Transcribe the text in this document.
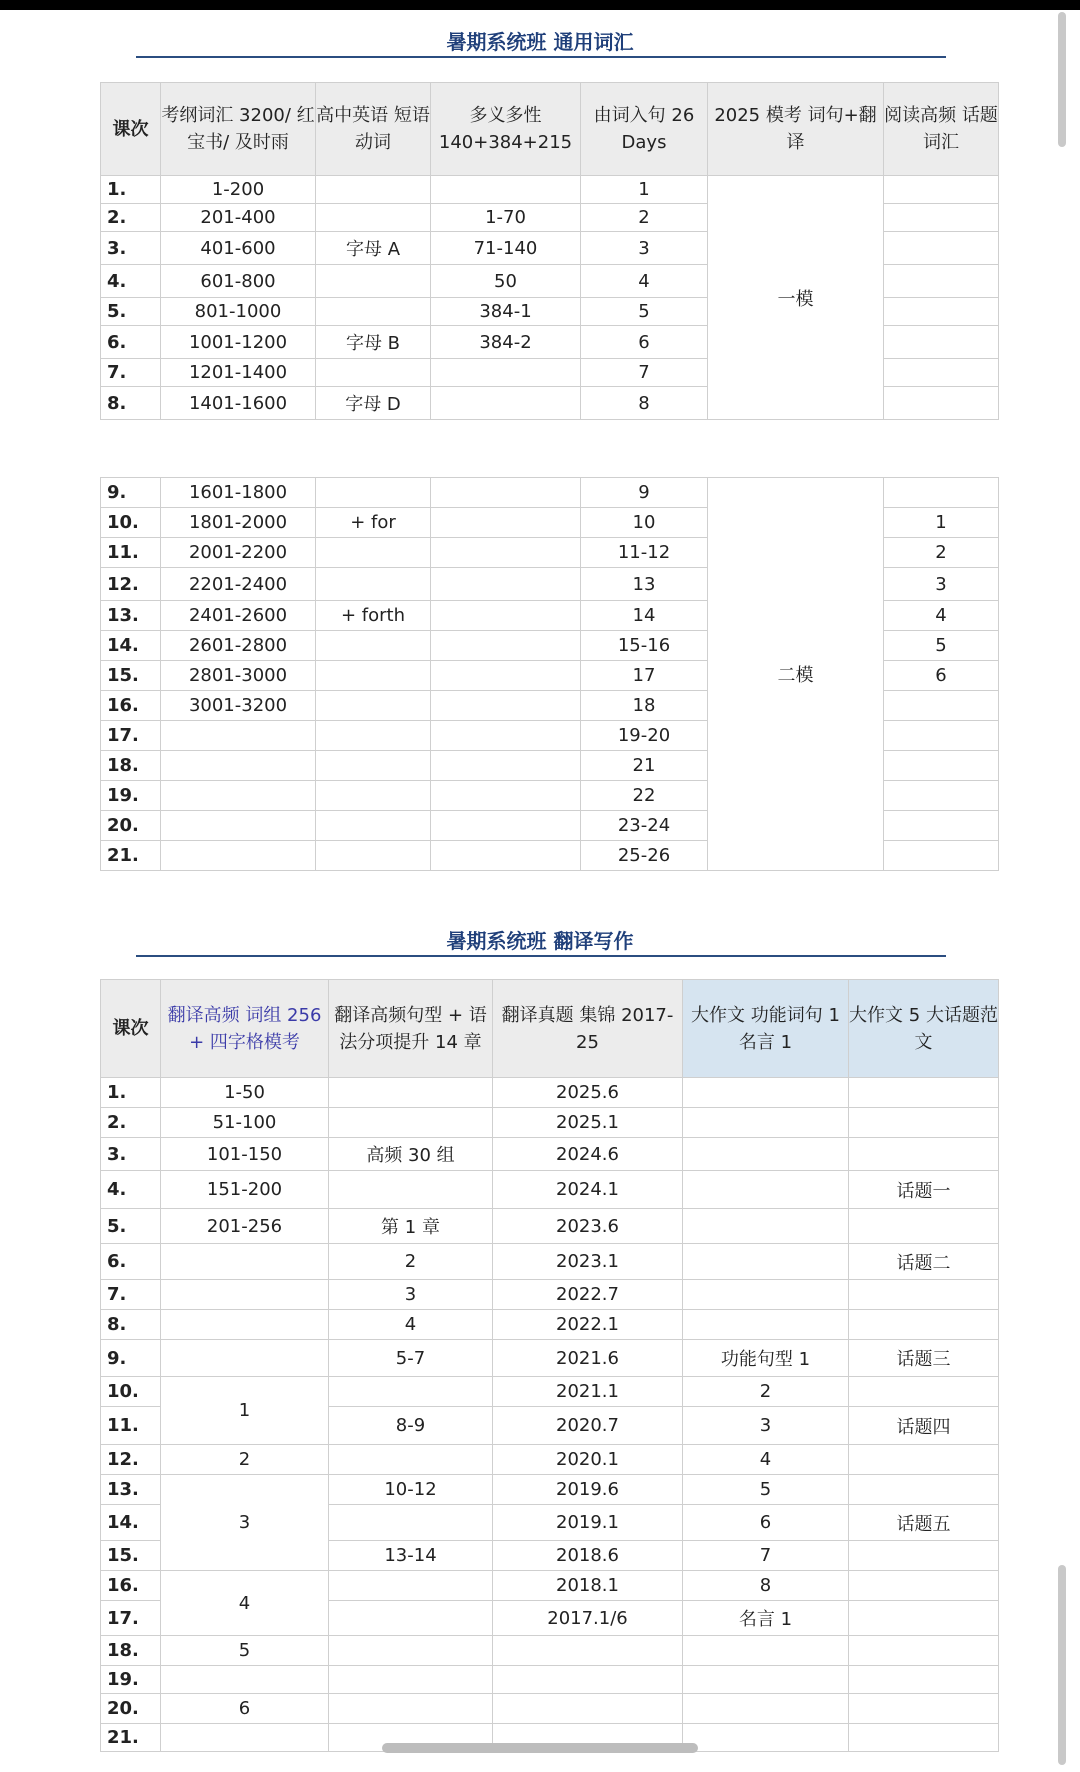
暑期系统班 通用词汇
课次	考纲词汇 3200/ 红宝书/ 及时雨	高中英语 短语动词	多义多性 140+384+215	由词入句 26 Days	2025 模考 词句+翻译	阅读高频 话题词汇
1.	1-200			1	一模	
2.	201-400		1-70	2		
3.	401-600	字母 A	71-140	3		
4.	601-800		50	4		
5.	801-1000		384-1	5		
6.	1001-1200	字母 B	384-2	6		
7.	1201-1400			7		
8.	1401-1600	字母 D		8		
9.	1601-1800			9	二模	
10.	1801-2000	+ for		10		1
11.	2001-2200			11-12		2
12.	2201-2400			13		3
13.	2401-2600	+ forth		14		4
14.	2601-2800			15-16		5
15.	2801-3000			17		6
16.	3001-3200			18		
17.				19-20		
18.				21		
19.				22		
20.				23-24		
21.				25-26		
暑期系统班 翻译写作
课次	翻译高频 词组 256 + 四字格模考	翻译高频句型 + 语法分项提升 14 章	翻译真题 集锦 2017-25	大作文 功能词句 1 名言 1	大作文 5 大话题范文
1.	1-50		2025.6		
2.	51-100		2025.1		
3.	101-150	高频 30 组	2024.6		
4.	151-200		2024.1		话题一
5.	201-256	第 1 章	2023.6		
6.		2	2023.1		话题二
7.		3	2022.7		
8.		4	2022.1		
9.		5-7	2021.6	功能句型 1	话题三
10.	1		2021.1	2	
11.		8-9	2020.7	3	话题四
12.	2		2020.1	4	
13.	3	10-12	2019.6	5	
14.			2019.1	6	话题五
15.		13-14	2018.6	7	
16.	4		2018.1	8	
17.			2017.1/6	名言 1	
18.	5				
19.					
20.	6				
21.					
